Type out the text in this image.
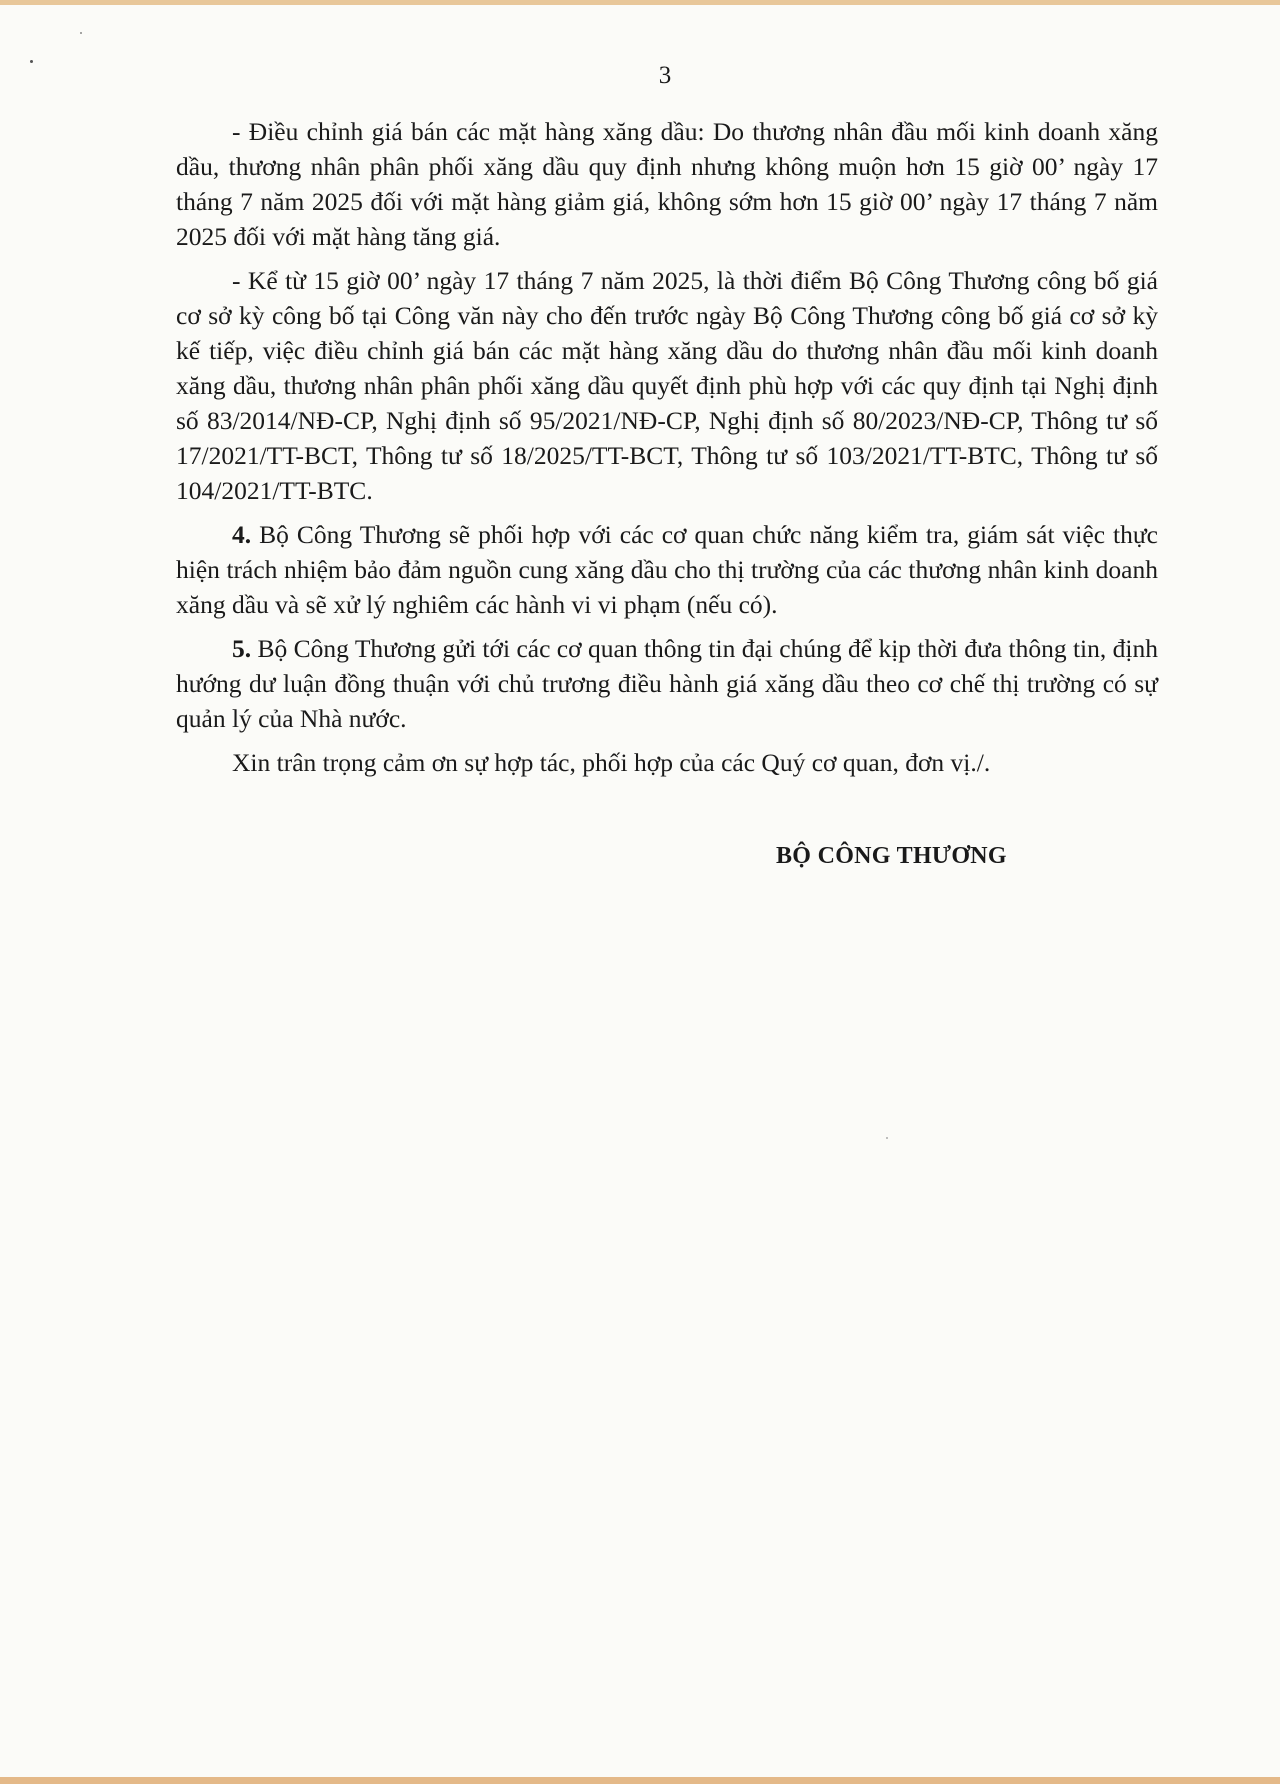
3

- Điều chỉnh giá bán các mặt hàng xăng dầu: Do thương nhân đầu mối kinh doanh xăng dầu, thương nhân phân phối xăng dầu quy định nhưng không muộn hơn 15 giờ 00’ ngày 17 tháng 7 năm 2025 đối với mặt hàng giảm giá, không sớm hơn 15 giờ 00’ ngày 17 tháng 7 năm 2025 đối với mặt hàng tăng giá.

- Kể từ 15 giờ 00’ ngày 17 tháng 7 năm 2025, là thời điểm Bộ Công Thương công bố giá cơ sở kỳ công bố tại Công văn này cho đến trước ngày Bộ Công Thương công bố giá cơ sở kỳ kế tiếp, việc điều chỉnh giá bán các mặt hàng xăng dầu do thương nhân đầu mối kinh doanh xăng dầu, thương nhân phân phối xăng dầu quyết định phù hợp với các quy định tại Nghị định số 83/2014/NĐ-CP, Nghị định số 95/2021/NĐ-CP, Nghị định số 80/2023/NĐ-CP, Thông tư số 17/2021/TT-BCT, Thông tư số 18/2025/TT-BCT, Thông tư số 103/2021/TT-BTC, Thông tư số 104/2021/TT-BTC.

4. Bộ Công Thương sẽ phối hợp với các cơ quan chức năng kiểm tra, giám sát việc thực hiện trách nhiệm bảo đảm nguồn cung xăng dầu cho thị trường của các thương nhân kinh doanh xăng dầu và sẽ xử lý nghiêm các hành vi vi phạm (nếu có).

5. Bộ Công Thương gửi tới các cơ quan thông tin đại chúng để kịp thời đưa thông tin, định hướng dư luận đồng thuận với chủ trương điều hành giá xăng dầu theo cơ chế thị trường có sự quản lý của Nhà nước.

Xin trân trọng cảm ơn sự hợp tác, phối hợp của các Quý cơ quan, đơn vị./.

BỘ CÔNG THƯƠNG
